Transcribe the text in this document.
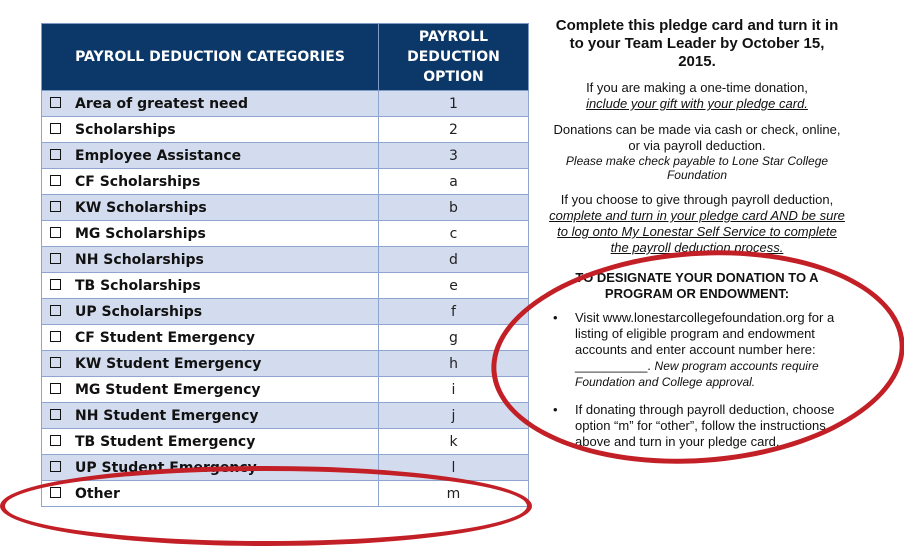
PAYROLL DEDUCTION CATEGORIES	PAYROLL DEDUCTION OPTION
Area of greatest need	1
Scholarships	2
Employee Assistance	3
CF Scholarships	a
KW Scholarships	b
MG Scholarships	c
NH Scholarships	d
TB Scholarships	e
UP Scholarships	f
CF Student Emergency	g
KW Student Emergency	h
MG Student Emergency	i
NH Student Emergency	j
TB Student Emergency	k
UP Student Emergency	l
Other	m
Complete this pledge card and turn it in to your Team Leader by October 15, 2015.

If you are making a one-time donation,
include your gift with your pledge card.

Donations can be made via cash or check, online, or via payroll deduction.
Please make check payable to Lone Star College Foundation

If you choose to give through payroll deduction, complete and turn in your pledge card AND be sure to log onto My Lonestar Self Service to complete the payroll deduction process.

TO DESIGNATE YOUR DONATION TO A PROGRAM OR ENDOWMENT:
• Visit www.lonestarcollegefoundation.org for a listing of eligible program and endowment accounts and enter account number here: __________. New program accounts require Foundation and College approval.
• If donating through payroll deduction, choose option “m” for “other”, follow the instructions above and turn in your pledge card.
